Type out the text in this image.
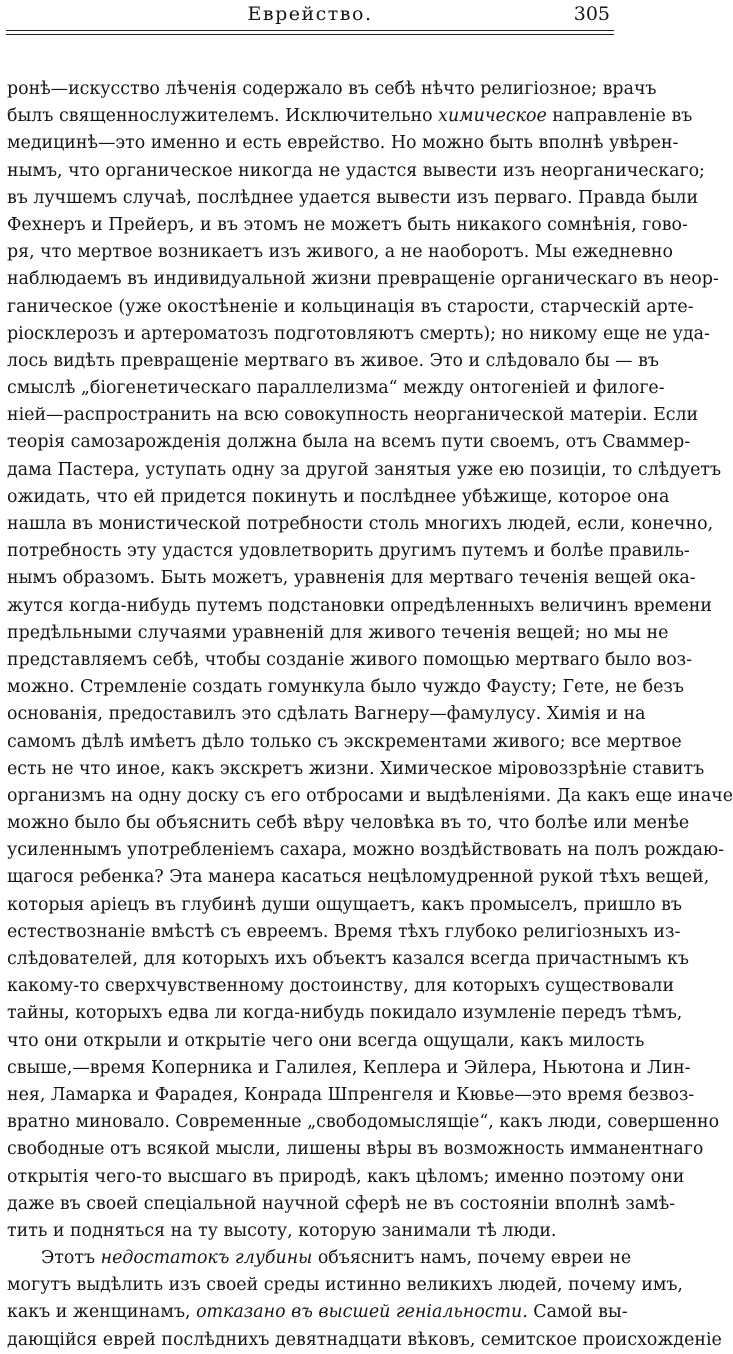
Еврейство.	305
ронѣ—искусство лѣченія содержало въ себѣ нѣчто религіозное; врачъ
былъ священнослужителемъ. Исключительно химическое направленіе въ
медицинѣ—это именно и есть еврейство. Но можно быть вполнѣ увѣрен-
нымъ, что органическое никогда не удастся вывести изъ неорганическаго;
въ лучшемъ случаѣ, послѣднее удается вывести изъ перваго. Правда были
Фехнеръ и Прейеръ, и въ этомъ не можетъ быть никакого сомнѣнія, гово-
ря, что мертвое возникаетъ изъ живого, а не наоборотъ. Мы ежедневно
наблюдаемъ въ индивидуальной жизни превращеніе органическаго въ неор-
ганическое (уже окостѣненіе и кольцинація въ старости, старческій арте-
ріосклерозъ и артероматозъ подготовляютъ смерть); но никому еще не уда-
лось видѣть превращеніе мертваго въ живое. Это и слѣдовало бы — въ
смыслѣ „біогенетическаго параллелизма“ между онтогеніей и филоге-
ніей—распространить на всю совокупность неорганической матеріи. Если
теорія самозарожденія должна была на всемъ пути своемъ, отъ Сваммер-
дама Пастера, уступать одну за другой занятыя уже ею позиціи, то слѣдуетъ
ожидать, что ей придется покинуть и послѣднее убѣжище, которое она
нашла въ монистической потребности столь многихъ людей, если, конечно,
потребность эту удастся удовлетворить другимъ путемъ и болѣе правиль-
нымъ образомъ. Быть можетъ, уравненія для мертваго теченія вещей ока-
жутся когда-нибудь путемъ подстановки опредѣленныхъ величинъ времени
предѣльными случаями уравненій для живого теченія вещей; но мы не
представляемъ себѣ, чтобы созданіе живого помощью мертваго было воз-
можно. Стремленіе создать гомункула было чуждо Фаусту; Гете, не безъ
основанія, предоставилъ это сдѣлать Вагнеру—фамулусу. Химія и на
самомъ дѣлѣ имѣетъ дѣло только съ экскрементами живого; все мертвое
есть не что иное, какъ экскретъ жизни. Химическое міровоззрѣніе ставитъ
организмъ на одну доску съ его отбросами и выдѣленіями. Да какъ еще иначе
можно было бы объяснить себѣ вѣру человѣка въ то, что болѣе или менѣе
усиленнымъ употребленіемъ сахара, можно воздѣйствовать на полъ рождаю-
щагося ребенка? Эта манера касаться нецѣломудренной рукой тѣхъ вещей,
которыя аріецъ въ глубинѣ души ощущаетъ, какъ промыселъ, пришло въ
естествознаніе вмѣстѣ съ евреемъ. Время тѣхъ глубоко религіозныхъ из-
слѣдователей, для которыхъ ихъ объектъ казался всегда причастнымъ къ
какому-то сверхчувственному достоинству, для которыхъ существовали
тайны, которыхъ едва ли когда-нибудь покидало изумленіе передъ тѣмъ,
что они открыли и открытіе чего они всегда ощущали, какъ милость
свыше,—время Коперника и Галилея, Кеплера и Эйлера, Ньютона и Лин-
нея, Ламарка и Фарадея, Конрада Шпренгеля и Кювье—это время безвоз-
вратно миновало. Современные „свободомыслящіе“, какъ люди, совершенно
свободные отъ всякой мысли, лишены вѣры въ возможность имманентнаго
открытія чего-то высшаго въ природѣ, какъ цѣломъ; именно поэтому они
даже въ своей спеціальной научной сферѣ не въ состояніи вполнѣ замѣ-
тить и подняться на ту высоту, которую занимали тѣ люди.
Этотъ недостатокъ глубины объяснитъ намъ, почему евреи не
могутъ выдѣлить изъ своей среды истинно великихъ людей, почему имъ,
какъ и женщинамъ, отказано въ высшей геніальности. Самой вы-
дающійся еврей послѣднихъ девятнадцати вѣковъ, семитское происхожденіе
